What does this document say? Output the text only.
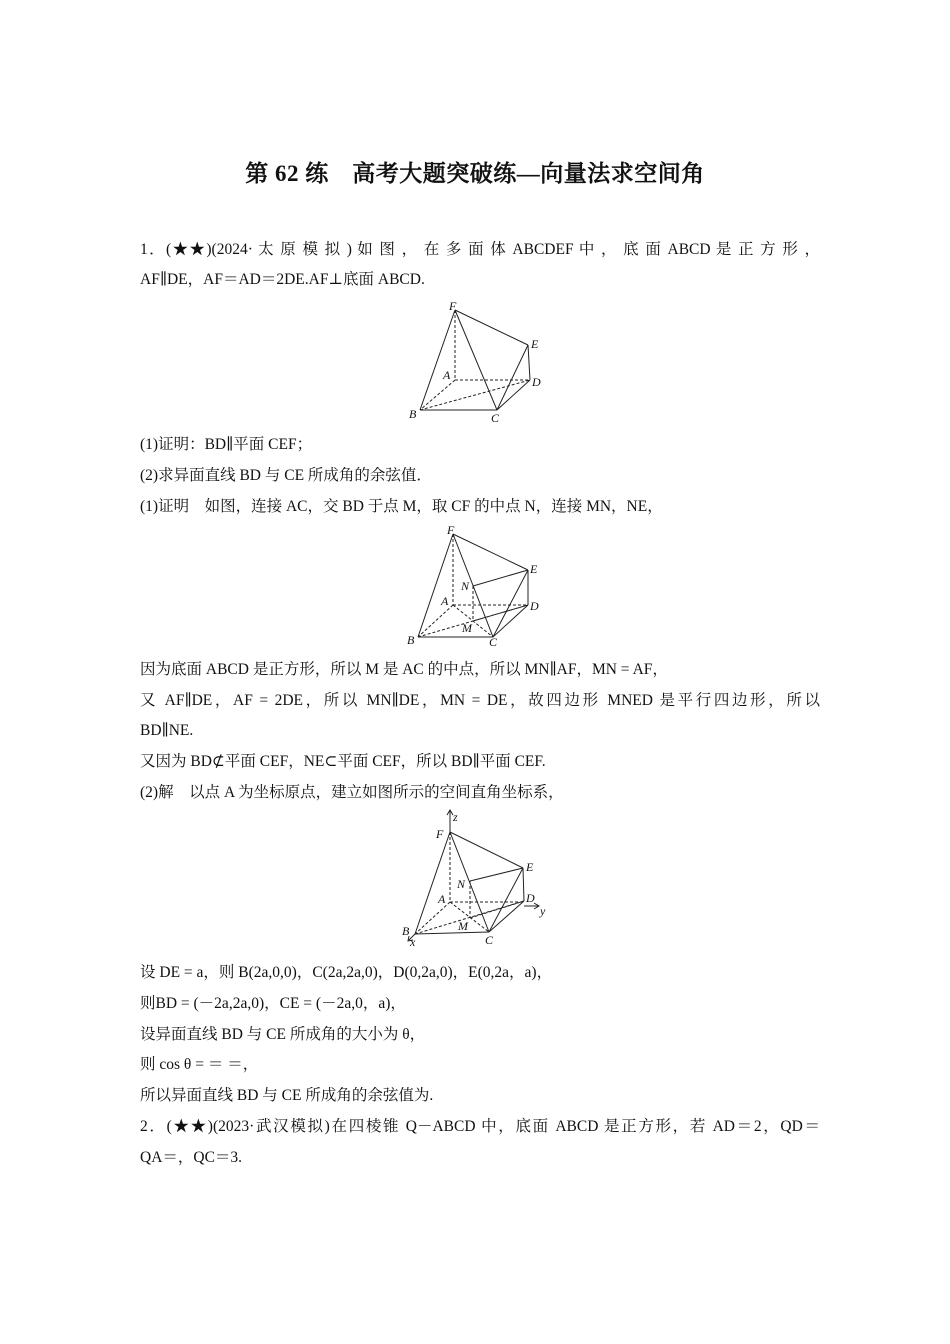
第 62 练　高考大题突破练—向量法求空间角
1．(★★)(2024· 太 原 模 拟 ) 如 图 ， 在 多 面 体 ABCDEF 中 ， 底 面 ABCD 是 正 方 形 ，
AF∥DE，AF＝AD＝2DE.AF⊥底面 ABCD.
F
E
A	D
B	C
(1)证明：BD∥平面 CEF；
(2)求异面直线 BD 与 CE 所成角的余弦值．
(1)证明　如图，连接 AC，交 BD 于点 M，取 CF 的中点 N，连接 MN，NE，
F
E
N
A	D
B
M
C
因为底面 ABCD 是正方形，所以 M 是 AC 的中点，所以 MN∥AF，MN = AF，
又 AF∥DE，AF = 2DE，所以 MN∥DE，MN = DE，故四边形 MNED 是平行四边形，所以
BD∥NE.
又因为 BD⊄平面 CEF，NE⊂平面 CEF，所以 BD∥平面 CEF.
(2)解　以点 A 为坐标原点，建立如图所示的空间直角坐标系，
z
F
E
N
A	D
y
B
x
M
C
设 DE = a，则 B(2a,0,0)，C(2a,2a,0)，D(0,2a,0)，E(0,2a，a)，
则BD = (－2a,2a,0)，CE = (－2a,0，a)，
设异面直线 BD 与 CE 所成角的大小为 θ，
则 cos θ = ＝ ＝，
所以异面直线 BD 与 CE 所成角的余弦值为.
2．(★★)(2023·武汉模拟)在四棱锥 Q－ABCD 中，底面 ABCD 是正方形，若 AD＝2，QD＝
QA＝，QC＝3.
